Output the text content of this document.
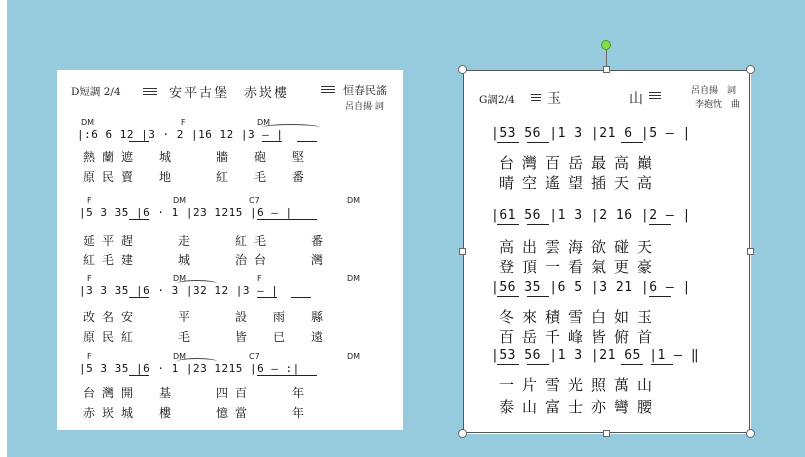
D短調 2/4	安平古堡　赤崁樓	恒春民謠
呂自揚 詞
DM	F	DM
|:6 6 12 |3 · 2 |16 12 |3 — |
熱蘭遮　城　　牆　砲　堅
原民賣　地　　紅　毛　番
F	DM	C7	DM
|5 3 35 |6 · 1 |23 1215 |6 — |
延平趕　　走　　紅毛　　番
紅毛建　　城　　治台　　灣
F	DM	F	DM
|3 3 35 |6 · 3 |32 12 |3 — |
改名安　　平　　設　雨　縣
原民紅　　毛　　皆　已　遠
F	DM	C7	DM
|5 3 35 |6 · 1 |23 1215 |6 — :|
台灣開　基　　四百　　年
赤崁城　樓　　憶當　　年
G調2/4 玉	山	呂自揚　詞
李抱忱　曲
|53 56 |1 3 |21 6 |5 — |
台灣百岳最高巔
晴空遙望插天高
|61 56 |1 3 |2 16 |2 — |
高出雲海欲碰天
登頂一看氣更豪
|56 35 |6 5 |3 21 |6 — |
冬來積雪白如玉
百岳千峰皆俯首
|53 56 |1 3 |21 65 |1 — ‖
一片雪光照萬山
泰山富士亦彎腰
